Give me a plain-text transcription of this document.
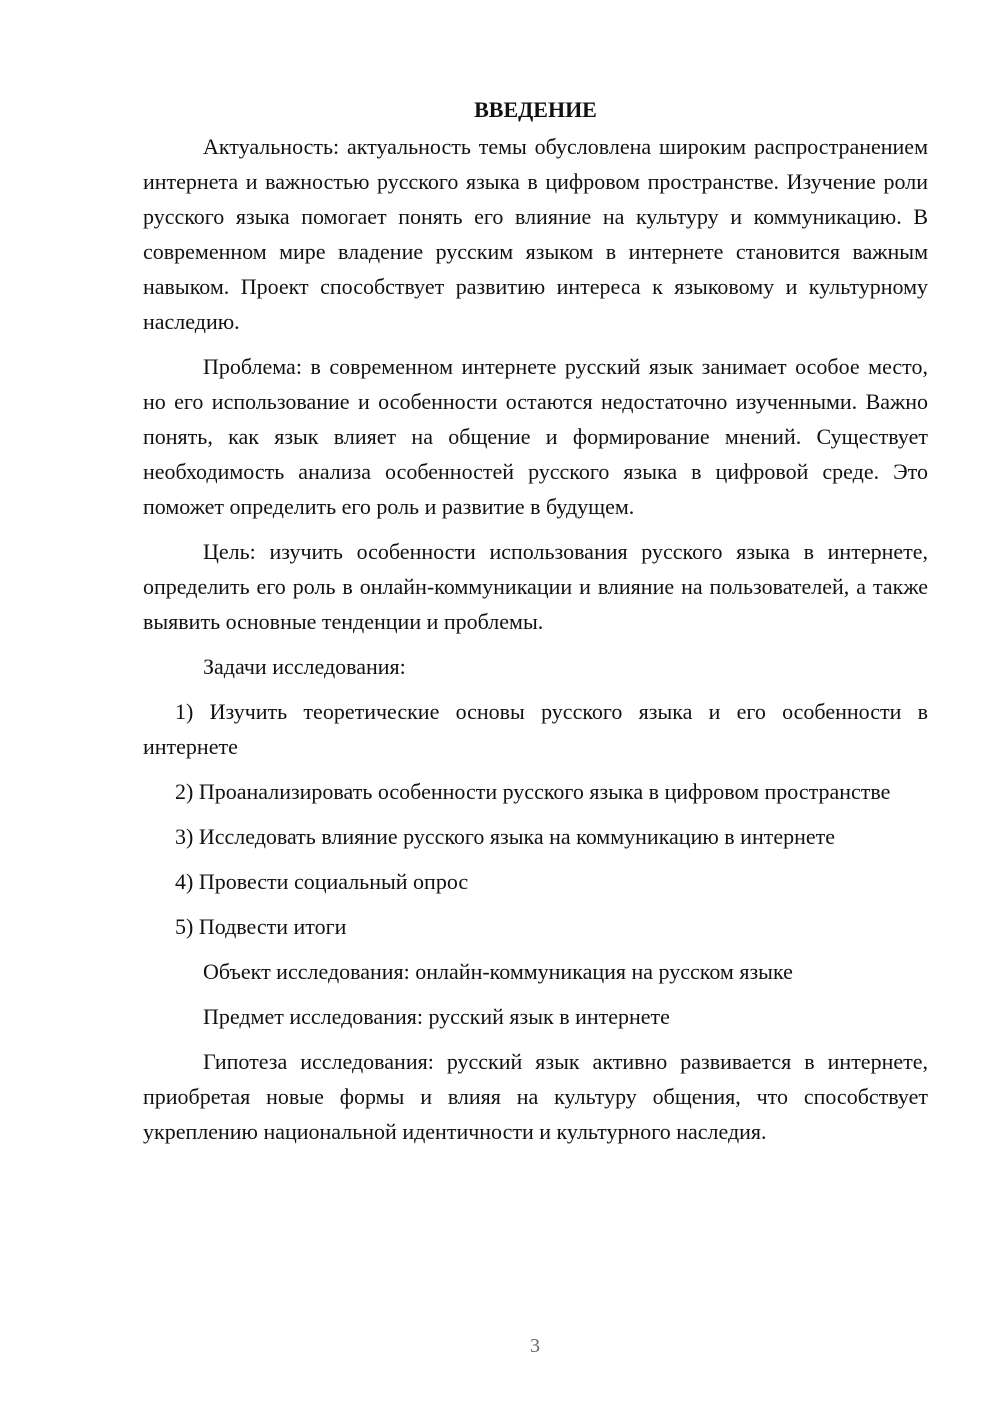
ВВЕДЕНИЕ

Актуальность: актуальность темы обусловлена широким распространением интернета и важностью русского языка в цифровом пространстве. Изучение роли русского языка помогает понять его влияние на культуру и коммуникацию. В современном мире владение русским языком в интернете становится важным навыком. Проект способствует развитию интереса к языковому и культурному наследию.

Проблема: в современном интернете русский язык занимает особое место, но его использование и особенности остаются недостаточно изученными. Важно понять, как язык влияет на общение и формирование мнений. Существует необходимость анализа особенностей русского языка в цифровой среде. Это поможет определить его роль и развитие в будущем.

Цель: изучить особенности использования русского языка в интернете, определить его роль в онлайн-коммуникации и влияние на пользователей, а также выявить основные тенденции и проблемы.

Задачи исследования:

1) Изучить теоретические основы русского языка и его особенности в интернете

2) Проанализировать особенности русского языка в цифровом пространстве

3) Исследовать влияние русского языка на коммуникацию в интернете

4) Провести социальный опрос

5) Подвести итоги

Объект исследования: онлайн-коммуникация на русском языке

Предмет исследования: русский язык в интернете

Гипотеза исследования: русский язык активно развивается в интернете, приобретая новые формы и влияя на культуру общения, что способствует укреплению национальной идентичности и культурного наследия.

3
